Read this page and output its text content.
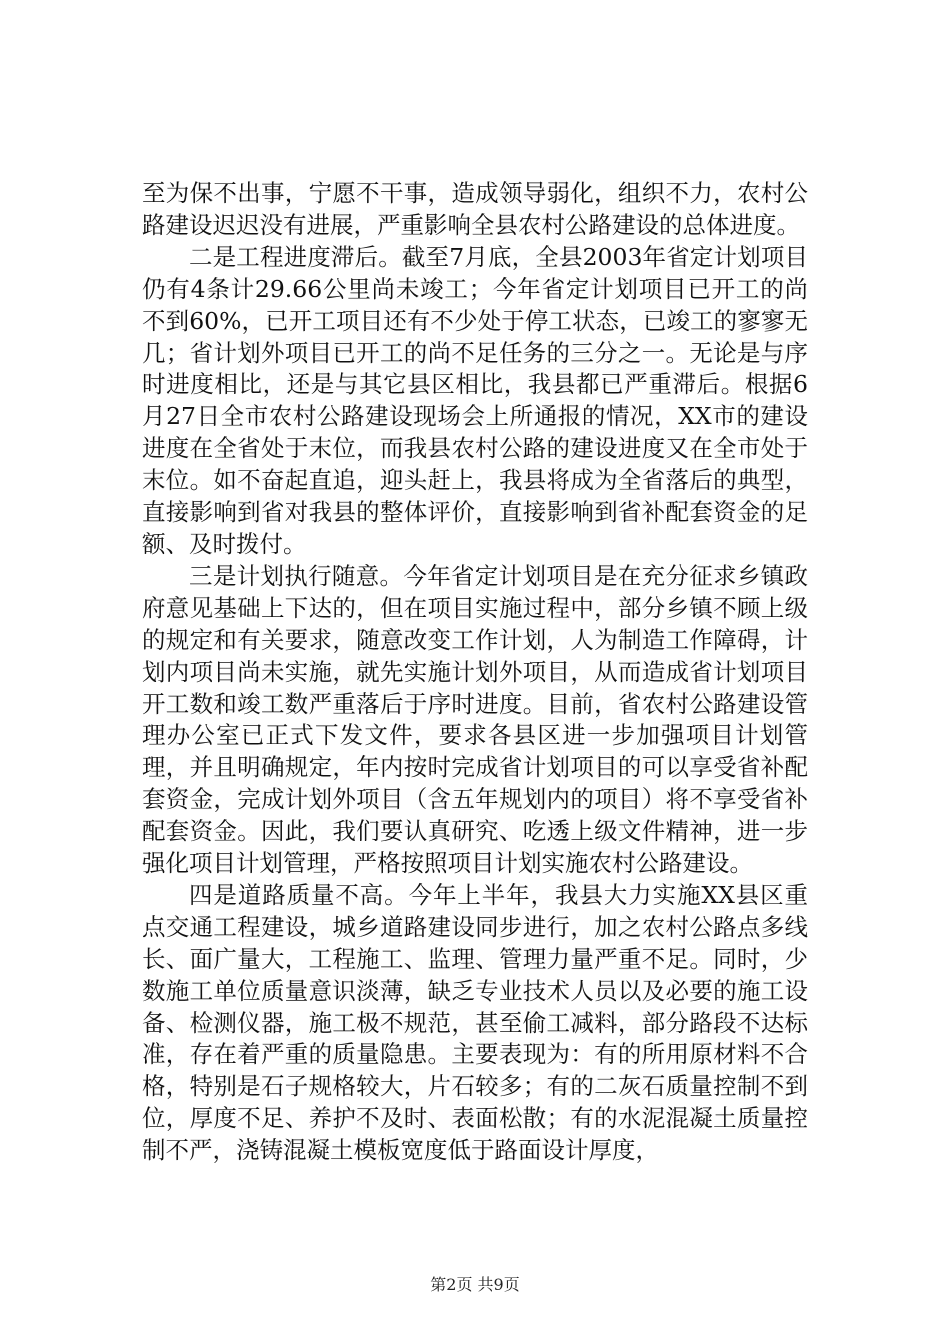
至为保不出事，宁愿不干事，造成领导弱化，组织不力，农村公路建设迟迟没有进展，严重影响全县农村公路建设的总体进度。

二是工程进度滞后。截至7月底，全县2003年省定计划项目仍有4条计29.66公里尚未竣工；今年省定计划项目已开工的尚不到60%，已开工项目还有不少处于停工状态，已竣工的寥寥无几；省计划外项目已开工的尚不足任务的三分之一。无论是与序时进度相比，还是与其它县区相比，我县都已严重滞后。根据6月27日全市农村公路建设现场会上所通报的情况，XX市的建设进度在全省处于末位，而我县农村公路的建设进度又在全市处于末位。如不奋起直追，迎头赶上，我县将成为全省落后的典型，直接影响到省对我县的整体评价，直接影响到省补配套资金的足额、及时拨付。

三是计划执行随意。今年省定计划项目是在充分征求乡镇政府意见基础上下达的，但在项目实施过程中，部分乡镇不顾上级的规定和有关要求，随意改变工作计划，人为制造工作障碍，计划内项目尚未实施，就先实施计划外项目，从而造成省计划项目开工数和竣工数严重落后于序时进度。目前，省农村公路建设管理办公室已正式下发文件，要求各县区进一步加强项目计划管理，并且明确规定，年内按时完成省计划项目的可以享受省补配套资金，完成计划外项目（含五年规划内的项目）将不享受省补配套资金。因此，我们要认真研究、吃透上级文件精神，进一步强化项目计划管理，严格按照项目计划实施农村公路建设。

四是道路质量不高。今年上半年，我县大力实施XX县区重点交通工程建设，城乡道路建设同步进行，加之农村公路点多线长、面广量大，工程施工、监理、管理力量严重不足。同时，少数施工单位质量意识淡薄，缺乏专业技术人员以及必要的施工设备、检测仪器，施工极不规范，甚至偷工减料，部分路段不达标准，存在着严重的质量隐患。主要表现为：有的所用原材料不合格，特别是石子规格较大，片石较多；有的二灰石质量控制不到位，厚度不足、养护不及时、表面松散；有的水泥混凝土质量控制不严，浇铸混凝土模板宽度低于路面设计厚度，

第2页 共9页
